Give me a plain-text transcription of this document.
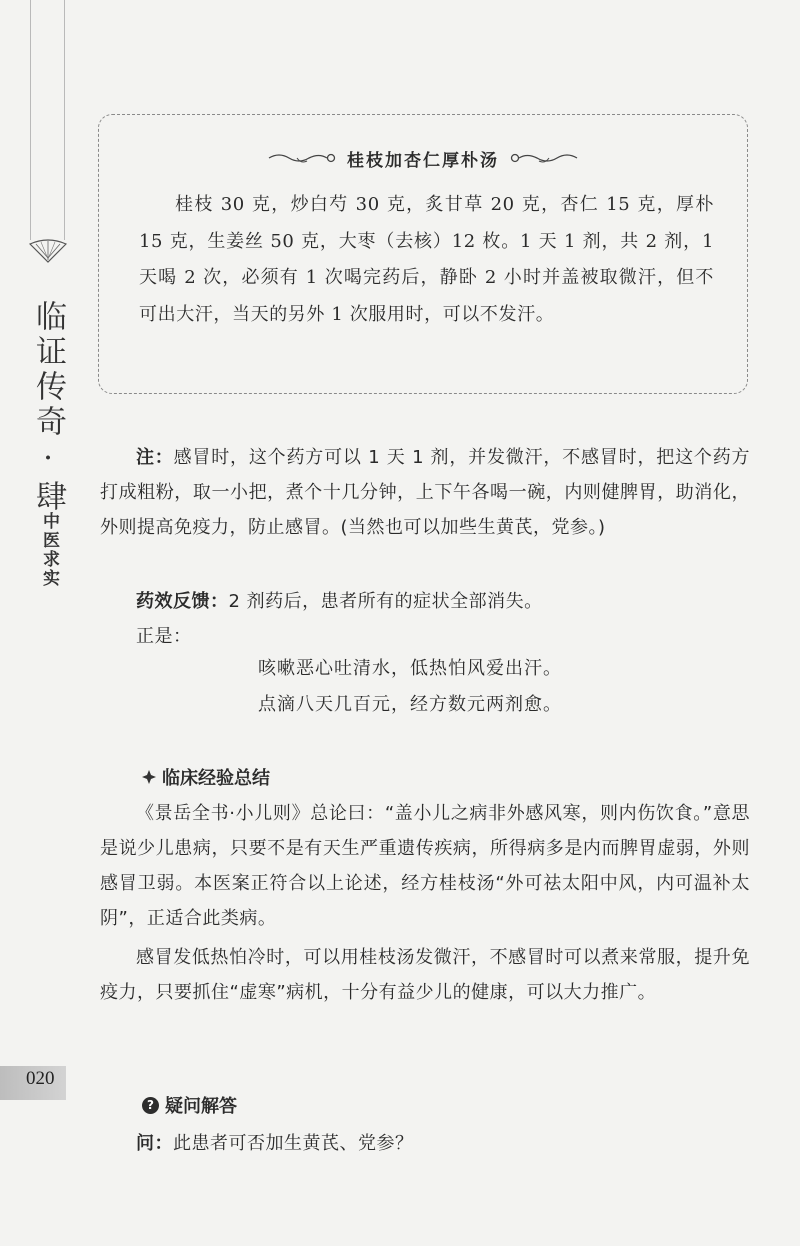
临证传奇·肆
中医求实
020
桂枝加杏仁厚朴汤
桂枝 30 克，炒白芍 30 克，炙甘草 20 克，杏仁 15 克，厚朴 15 克，生姜丝 50 克，大枣（去核）12 枚。1 天 1 剂，共 2 剂，1 天喝 2 次，必须有 1 次喝完药后，静卧 2 小时并盖被取微汗，但不可出大汗，当天的另外 1 次服用时，可以不发汗。
注：感冒时，这个药方可以 1 天 1 剂，并发微汗，不感冒时，把这个药方打成粗粉，取一小把，煮个十几分钟，上下午各喝一碗，内则健脾胃，助消化，外则提高免疫力，防止感冒。(当然也可以加些生黄芪，党参。)
药效反馈：2 剂药后，患者所有的症状全部消失。
正是：
咳嗽恶心吐清水，低热怕风爱出汗。
点滴八天几百元，经方数元两剂愈。
临床经验总结
《景岳全书·小儿则》总论曰：“盖小儿之病非外感风寒，则内伤饮食。”意思是说少儿患病，只要不是有天生严重遗传疾病，所得病多是内而脾胃虚弱，外则感冒卫弱。本医案正符合以上论述，经方桂枝汤“外可祛太阳中风，内可温补太阴”，正适合此类病。
感冒发低热怕冷时，可以用桂枝汤发微汗，不感冒时可以煮来常服，提升免疫力，只要抓住“虚寒”病机，十分有益少儿的健康，可以大力推广。
? 疑问解答
问：此患者可否加生黄芪、党参？
